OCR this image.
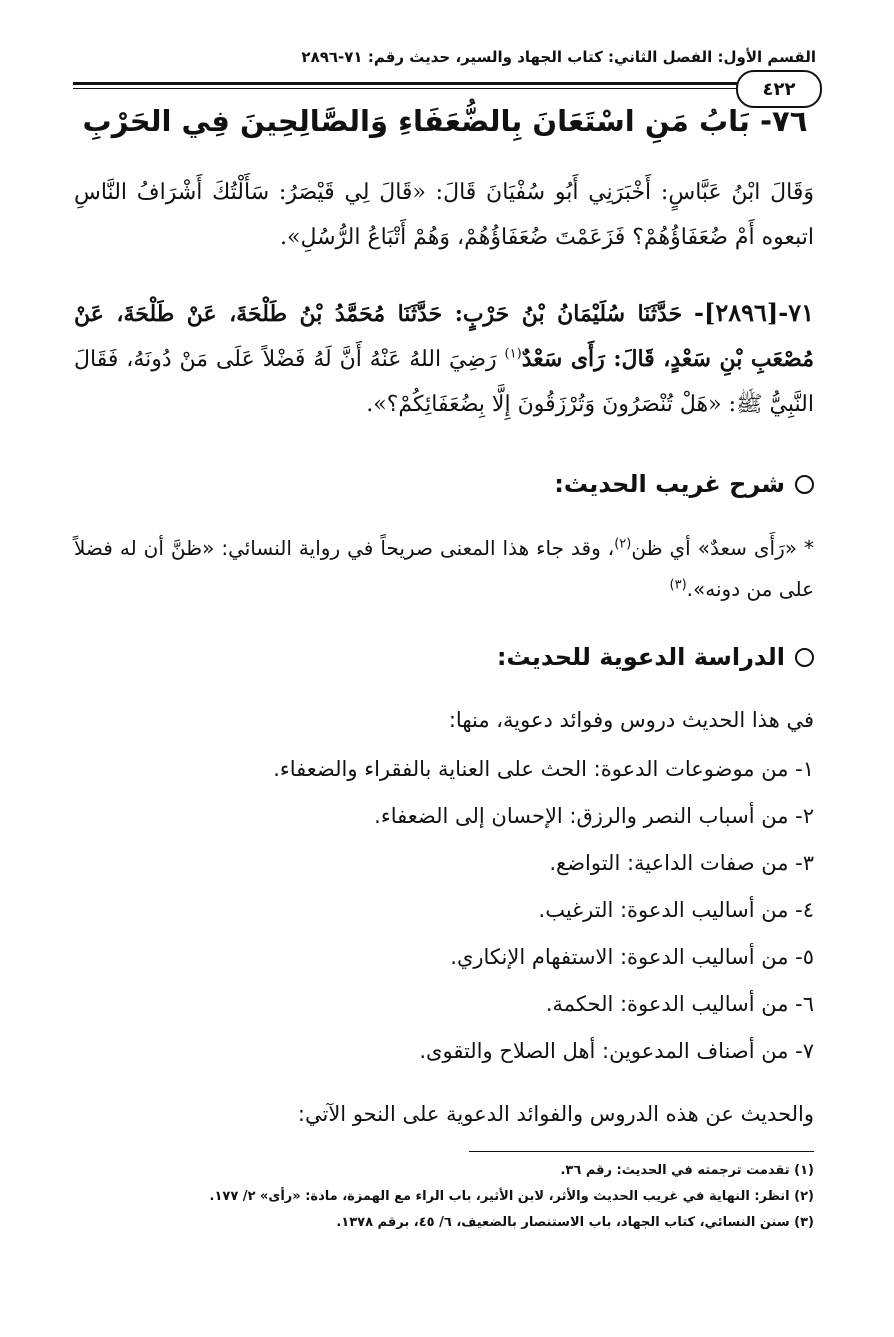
القسم الأول: الفصل الثاني: كتاب الجهاد والسير، حديث رقم: ٧١-٢٨٩٦
٤٢٢
٧٦- بَابُ مَنِ اسْتَعَانَ بِالضُّعَفَاءِ وَالصَّالِحِينَ فِي الحَرْبِ

وَقَالَ ابْنُ عَبَّاسٍ: أَخْبَرَنِي أَبُو سُفْيَانَ قَالَ: «قَالَ لِي قَيْصَرُ: سَأَلْتُكَ أَشْرَافُ النَّاسِ اتبعوه أَمْ ضُعَفَاؤُهُمْ؟ فَزَعَمْتَ ضُعَفَاؤُهُمْ، وَهُمْ أَتْبَاعُ الرُّسُلِ».

٧١-[٢٨٩٦]- حَدَّثَنَا سُلَيْمَانُ بْنُ حَرْبٍ: حَدَّثَنَا مُحَمَّدُ بْنُ طَلْحَةَ، عَنْ طَلْحَةَ، عَنْ مُصْعَبِ بْنِ سَعْدٍ، قَالَ: رَأَى سَعْدٌ$^{(١)}$ رَضِيَ اللهُ عَنْهُ أَنَّ لَهُ فَضْلاً عَلَى مَنْ دُونَهُ، فَقَالَ النَّبِيُّ ﷺ: «هَلْ تُنْصَرُونَ وَتُرْزَقُونَ إِلَّا بِضُعَفَائِكُمْ؟».

شرح غريب الحديث:

* «رَأَى سعدٌ» أي ظن$^{(٢)}$، وقد جاء هذا المعنى صريحاً في رواية النسائي: «ظنَّ أن له فضلاً على من دونه».$^{(٣)}$

الدراسة الدعوية للحديث:
في هذا الحديث دروس وفوائد دعوية، منها:
١- من موضوعات الدعوة: الحث على العناية بالفقراء والضعفاء.
٢- من أسباب النصر والرزق: الإحسان إلى الضعفاء.
٣- من صفات الداعية: التواضع.
٤- من أساليب الدعوة: الترغيب.
٥- من أساليب الدعوة: الاستفهام الإنكاري.
٦- من أساليب الدعوة: الحكمة.
٧- من أصناف المدعوين: أهل الصلاح والتقوى.
والحديث عن هذه الدروس والفوائد الدعوية على النحو الآتي:
(١) تقدمت ترجمته في الحديث: رقم ٣٦.
(٢) انظر: النهاية في غريب الحديث والأثر، لابن الأثير، باب الراء مع الهمزة، مادة: «رأى» ٢/ ١٧٧.
(٣) سنن النسائي، كتاب الجهاد، باب الاستنصار بالضعيف، ٦/ ٤٥، برقم ١٣٧٨.
